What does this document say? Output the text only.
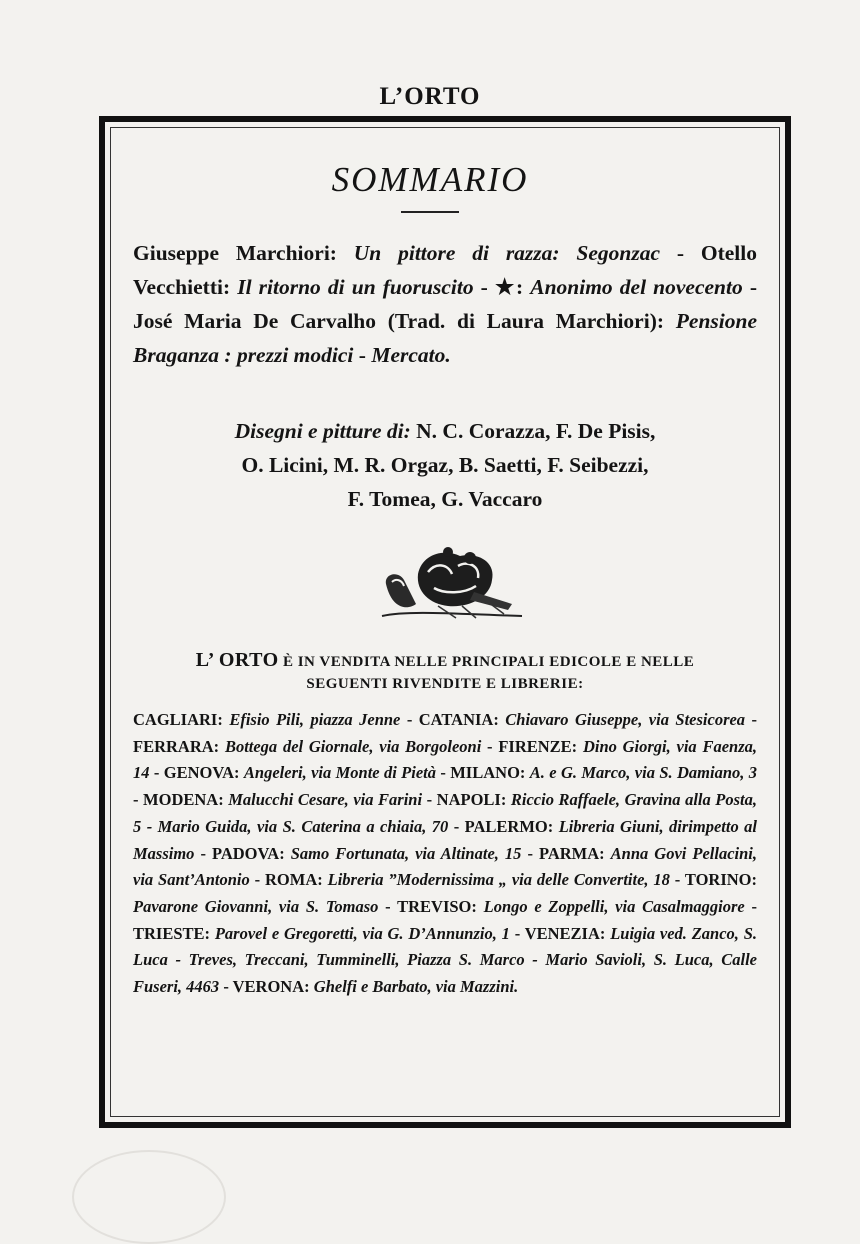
L’ORTO
SOMMARIO
Giuseppe Marchiori: Un pittore di razza: Segonzac - Otello Vecchietti: Il ritorno di un fuoruscito - ★: Anonimo del novecento - José Maria De Carvalho (Trad. di Laura Marchiori): Pensione Braganza : prezzi modici - Mercato.
Disegni e pitture di: N. C. Corazza, F. De Pisis,
O. Licini, M. R. Orgaz, B. Saetti, F. Seibezzi,
F. Tomea, G. Vaccaro
L’ ORTO È IN VENDITA NELLE PRINCIPALI EDICOLE E NELLE
SEGUENTI RIVENDITE E LIBRERIE:
CAGLIARI: Efisio Pili, piazza Jenne - CATANIA: Chiavaro Giuseppe, via Stesicorea - FERRARA: Bottega del Giornale, via Borgoleoni - FIRENZE: Dino Giorgi, via Faenza, 14 - GENOVA: Angeleri, via Monte di Pietà - MILANO: A. e G. Marco, via S. Damiano, 3 - MODENA: Malucchi Cesare, via Farini - NAPOLI: Riccio Raffaele, Gravina alla Posta, 5 - Mario Guida, via S. Caterina a chiaia, 70 - PALERMO: Libreria Giuni, dirimpetto al Massimo - PADOVA: Samo Fortunata, via Altinate, 15 - PARMA: Anna Govi Pellacini, via Sant’Antonio - ROMA: Libreria ”Modernissima „ via delle Convertite, 18 - TORINO: Pavarone Giovanni, via S. Tomaso - TREVISO: Longo e Zoppelli, via Casalmaggiore - TRIESTE: Parovel e Gregoretti, via G. D’Annunzio, 1 - VENEZIA: Luigia ved. Zanco, S. Luca - Treves, Treccani, Tumminelli, Piazza S. Marco - Mario Savioli, S. Luca, Calle Fuseri, 4463 - VERONA: Ghelfi e Barbato, via Mazzini.
